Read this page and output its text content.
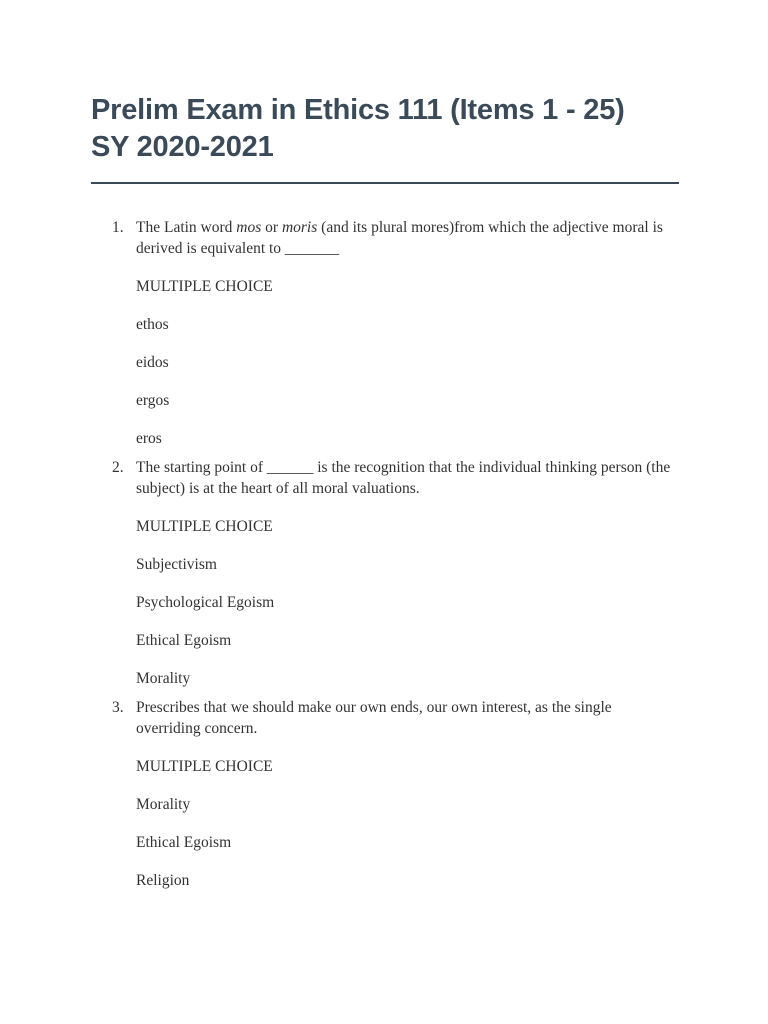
Prelim Exam in Ethics 111 (Items 1 - 25)
SY 2020-2021
1. The Latin word mos or moris (and its plural mores)from which the adjective moral is derived is equivalent to _______

MULTIPLE CHOICE

ethos

eidos

ergos

eros

2. The starting point of ______ is the recognition that the individual thinking person (the subject) is at the heart of all moral valuations.

MULTIPLE CHOICE

Subjectivism

Psychological Egoism

Ethical Egoism

Morality

3. Prescribes that we should make our own ends, our own interest, as the single overriding concern.

MULTIPLE CHOICE

Morality

Ethical Egoism

Religion
